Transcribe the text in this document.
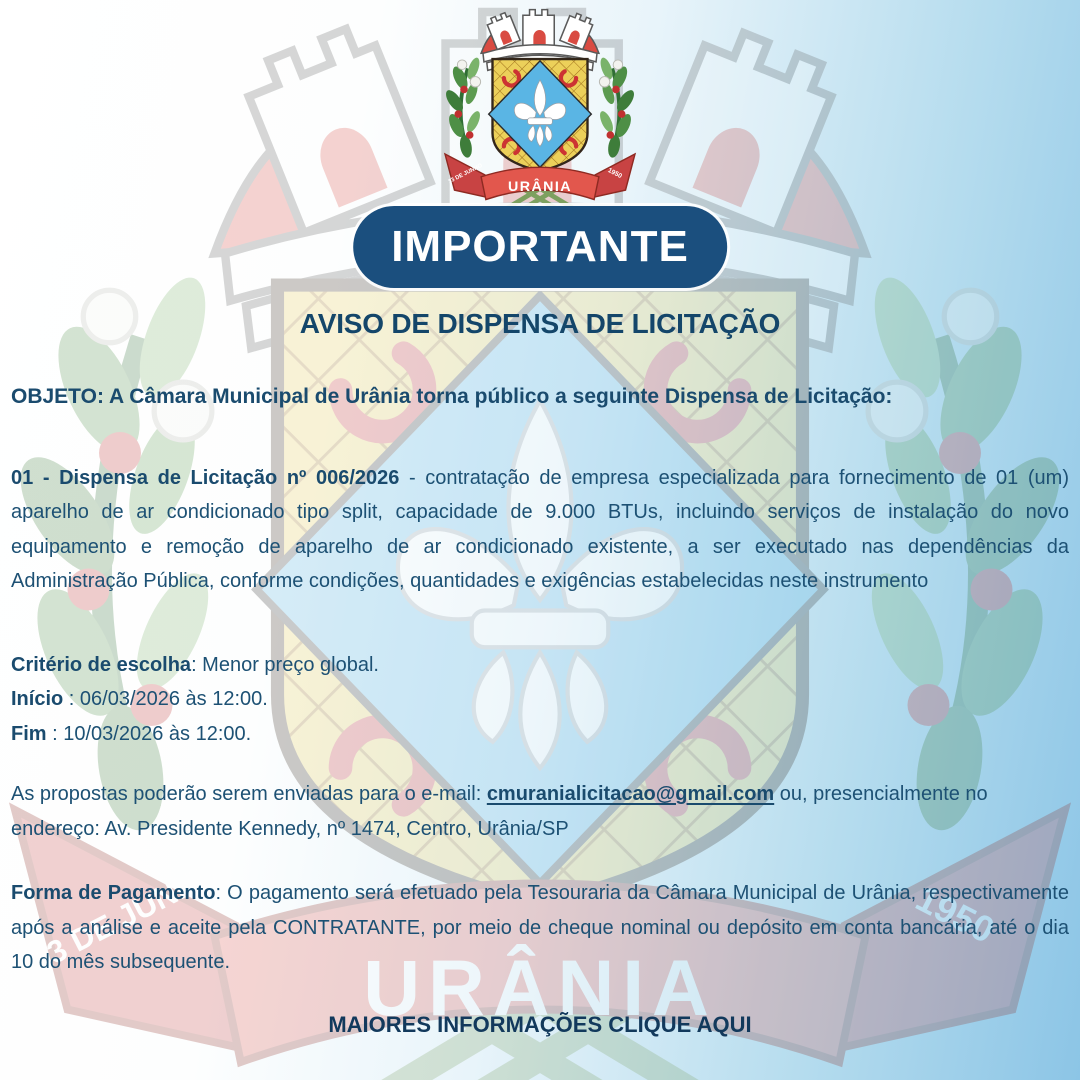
IMPORTANTE
AVISO DE DISPENSA DE LICITAÇÃO
OBJETO: A Câmara Municipal de Urânia torna público a seguinte Dispensa de Licitação:
01 - Dispensa de Licitação nº 006/2026 - contratação de empresa especializada para fornecimento de 01 (um) aparelho de ar condicionado tipo split, capacidade de 9.000 BTUs, incluindo serviços de instalação do novo equipamento e remoção de aparelho de ar condicionado existente, a ser executado nas dependências da Administração Pública, conforme condições, quantidades e exigências estabelecidas neste instrumento
Critério de escolha: Menor preço global.
Início : 06/03/2026 às 12:00.
Fim : 10/03/2026 às 12:00.
As propostas poderão serem enviadas para o e-mail: cmuranialicitacao@gmail.com ou, presencialmente no endereço: Av. Presidente Kennedy, nº 1474, Centro, Urânia/SP
Forma de Pagamento: O pagamento será efetuado pela Tesouraria da Câmara Municipal de Urânia, respectivamente após a análise e aceite pela CONTRATANTE, por meio de cheque nominal ou depósito em conta bancária, até o dia 10 do mês subsequente.
MAIORES INFORMAÇÕES CLIQUE AQUI
